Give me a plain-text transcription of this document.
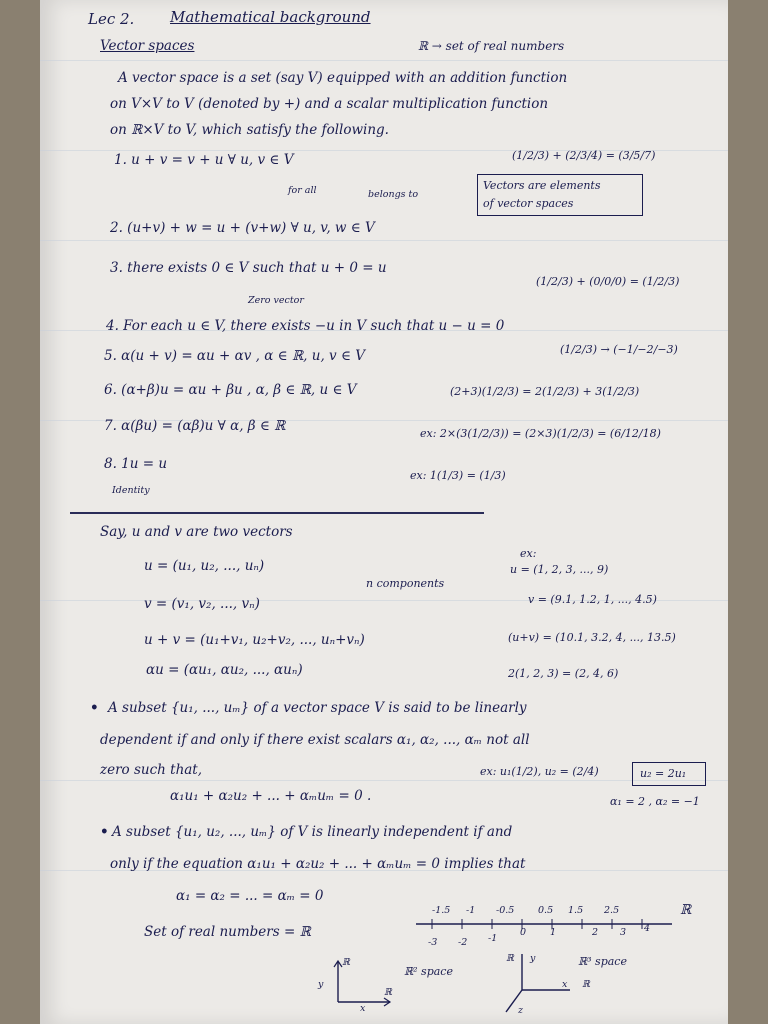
Lec 2. Mathematical background
Vector spaces	ℝ → set of real numbers
A vector space is a set (say V) equipped with an addition function
on V×V to V (denoted by +) and a scalar multiplication function
on ℝ×V to V, which satisfy the following.
(1/2/3) + (2/3/4) = (3/5/7)
1. u + v = v + u ∀ u, v ∈ V
for all	belongs to
Vectors are elements
of vector spaces
2. (u+v) + w = u + (v+w) ∀ u, v, w ∈ V
3. there exists 0 ∈ V such that u + 0 = u
(1/2/3) + (0/0/0) = (1/2/3)
Zero vector
4. For each u ∈ V, there exists −u in V such that u − u = 0
(1/2/3) → (−1/−2/−3)
5. α(u + v) = αu + αv , α ∈ ℝ, u, v ∈ V
6. (α+β)u = αu + βu , α, β ∈ ℝ, u ∈ V	(2+3)(1/2/3) = 2(1/2/3) + 3(1/2/3)
7. α(βu) = (αβ)u ∀ α, β ∈ ℝ	ex: 2×(3(1/2/3)) = (2×3)(1/2/3) = (6/12/18)
8. 1u = u
Identity
ex: 1(1/3) = (1/3)
Say, u and v are two vectors
ex:
u = (u₁, u₂, ..., uₙ)	u = (1, 2, 3, ..., 9)
n components
v = (v₁, v₂, ..., vₙ)	v = (9.1, 1.2, 1, ..., 4.5)
u + v = (u₁+v₁, u₂+v₂, ..., uₙ+vₙ)	(u+v) = (10.1, 3.2, 4, ..., 13.5)
αu = (αu₁, αu₂, ..., αuₙ)	2(1, 2, 3) = (2, 4, 6)
• A subset {u₁, ..., uₘ} of a vector space V is said to be linearly
dependent if and only if there exist scalars α₁, α₂, ..., αₘ not all
zero such that,	ex: u₁(1/2), u₂ = (2/4)	u₂ = 2u₁
α₁u₁ + α₂u₂ + ... + αₘuₘ = 0 .	α₁ = 2 , α₂ = −1
• A subset {u₁, u₂, ..., uₘ} of V is linearly independent if and
only if the equation α₁u₁ + α₂u₂ + ... + αₘuₘ = 0 implies that
α₁ = α₂ = ... = αₘ = 0
Set of real numbers = ℝ
-1.5 -1 -0.5 0.5 1.5 2.5
-3 -2 -1
0	1	2 3 4
ℝ
y
ℝ
x
ℝ
ℝ² space
ℝ y
x ℝ
z
ℝ³ space
